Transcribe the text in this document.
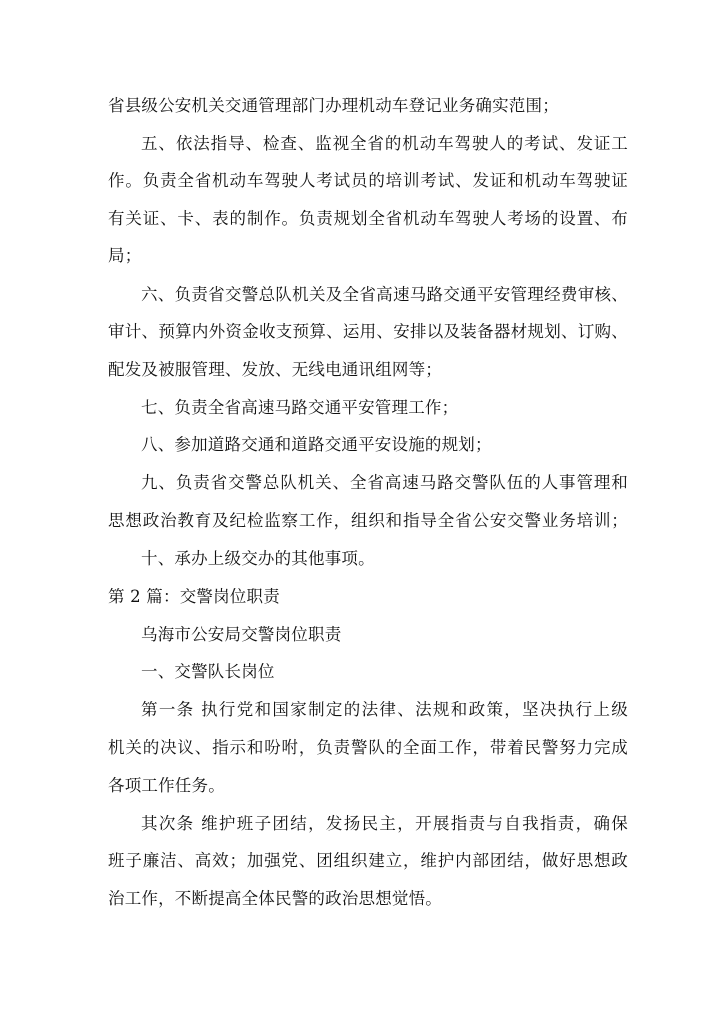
省县级公安机关交通管理部门办理机动车登记业务确实范围；
五、依法指导、检查、监视全省的机动车驾驶人的考试、发证工
作。负责全省机动车驾驶人考试员的培训考试、发证和机动车驾驶证
有关证、卡、表的制作。负责规划全省机动车驾驶人考场的设置、布
局；
六、负责省交警总队机关及全省高速马路交通平安管理经费审核、
审计、预算内外资金收支预算、运用、安排以及装备器材规划、订购、
配发及被服管理、发放、无线电通讯组网等；
七、负责全省高速马路交通平安管理工作；
八、参加道路交通和道路交通平安设施的规划；
九、负责省交警总队机关、全省高速马路交警队伍的人事管理和
思想政治教育及纪检监察工作，组织和指导全省公安交警业务培训；
十、承办上级交办的其他事项。
第 2 篇：交警岗位职责
乌海市公安局交警岗位职责
一、交警队长岗位
第一条 执行党和国家制定的法律、法规和政策，坚决执行上级
机关的决议、指示和吩咐，负责警队的全面工作，带着民警努力完成
各项工作任务。
其次条 维护班子团结，发扬民主，开展指责与自我指责，确保
班子廉洁、高效；加强党、团组织建立，维护内部团结，做好思想政
治工作，不断提高全体民警的政治思想觉悟。
